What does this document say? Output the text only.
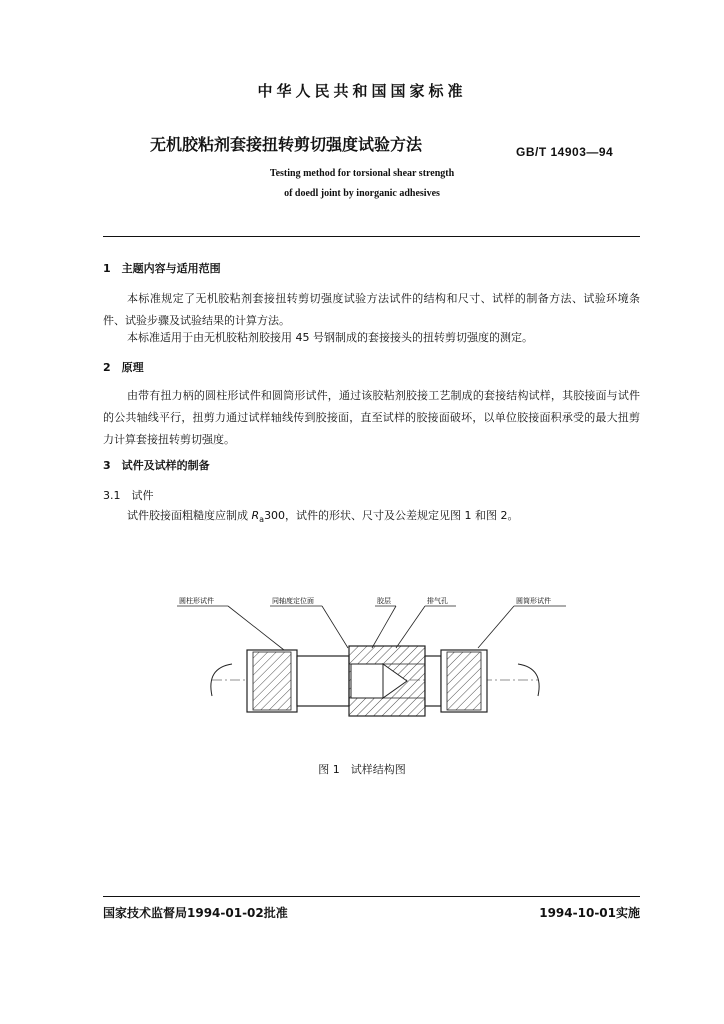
中华人民共和国国家标准
无机胶粘剂套接扭转剪切强度试验方法	GB/T 14903—94
Testing method for torsional shear strength
of doedl joint by inorganic adhesives
1　主题内容与适用范围
本标准规定了无机胶粘剂套接扭转剪切强度试验方法试件的结构和尺寸、试样的制备方法、试验环境条件、试验步骤及试验结果的计算方法。
本标准适用于由无机胶粘剂胶接用 45 号钢制成的套接接头的扭转剪切强度的测定。
2　原理
由带有扭力柄的圆柱形试件和圆筒形试件，通过该胶粘剂胶接工艺制成的套接结构试样，其胶接面与试件的公共轴线平行，扭剪力通过试样轴线传到胶接面，直至试样的胶接面破坏，以单位胶接面积承受的最大扭剪力计算套接扭转剪切强度。
3　试件及试样的制备
3.1　试件
试件胶接面粗糙度应制成 $R_a300$，试件的形状、尺寸及公差规定见图 1 和图 2。
圆柱形试件	同轴度定位面	胶层	排气孔	圆筒形试件
图 1　试样结构图
国家技术监督局1994-01-02批准	1994-10-01实施
